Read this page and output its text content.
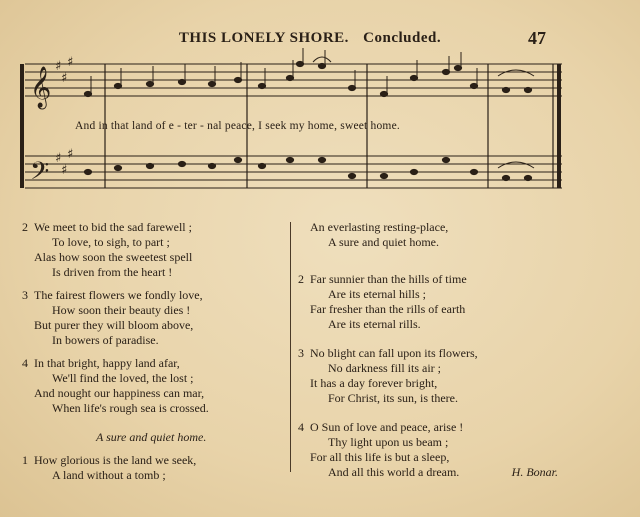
THIS LONELY SHORE. Concluded.	47
𝄞
𝄢
♯
♯
♯
♯
♯
♯
And in that land of e - ter - nal peace, I seek my home, sweet home.
2 We meet to bid the sad farewell ;
To love, to sigh, to part ;
Alas how soon the sweetest spell
Is driven from the heart !
3 The fairest flowers we fondly love,
How soon their beauty dies !
But purer they will bloom above,
In bowers of paradise.
4 In that bright, happy land afar,
We'll find the loved, the lost ;
And nought our happiness can mar,
When life's rough sea is crossed.
A sure and quiet home.
1 How glorious is the land we seek,
A land without a tomb ;
An everlasting resting-place,
A sure and quiet home.
2 Far sunnier than the hills of time
Are its eternal hills ;
Far fresher than the rills of earth
Are its eternal rills.
3 No blight can fall upon its flowers,
No darkness fill its air ;
It has a day forever bright,
For Christ, its sun, is there.
4 O Sun of love and peace, arise !
Thy light upon us beam ;
For all this life is but a sleep,
And all this world a dream.	H. Bonar.
